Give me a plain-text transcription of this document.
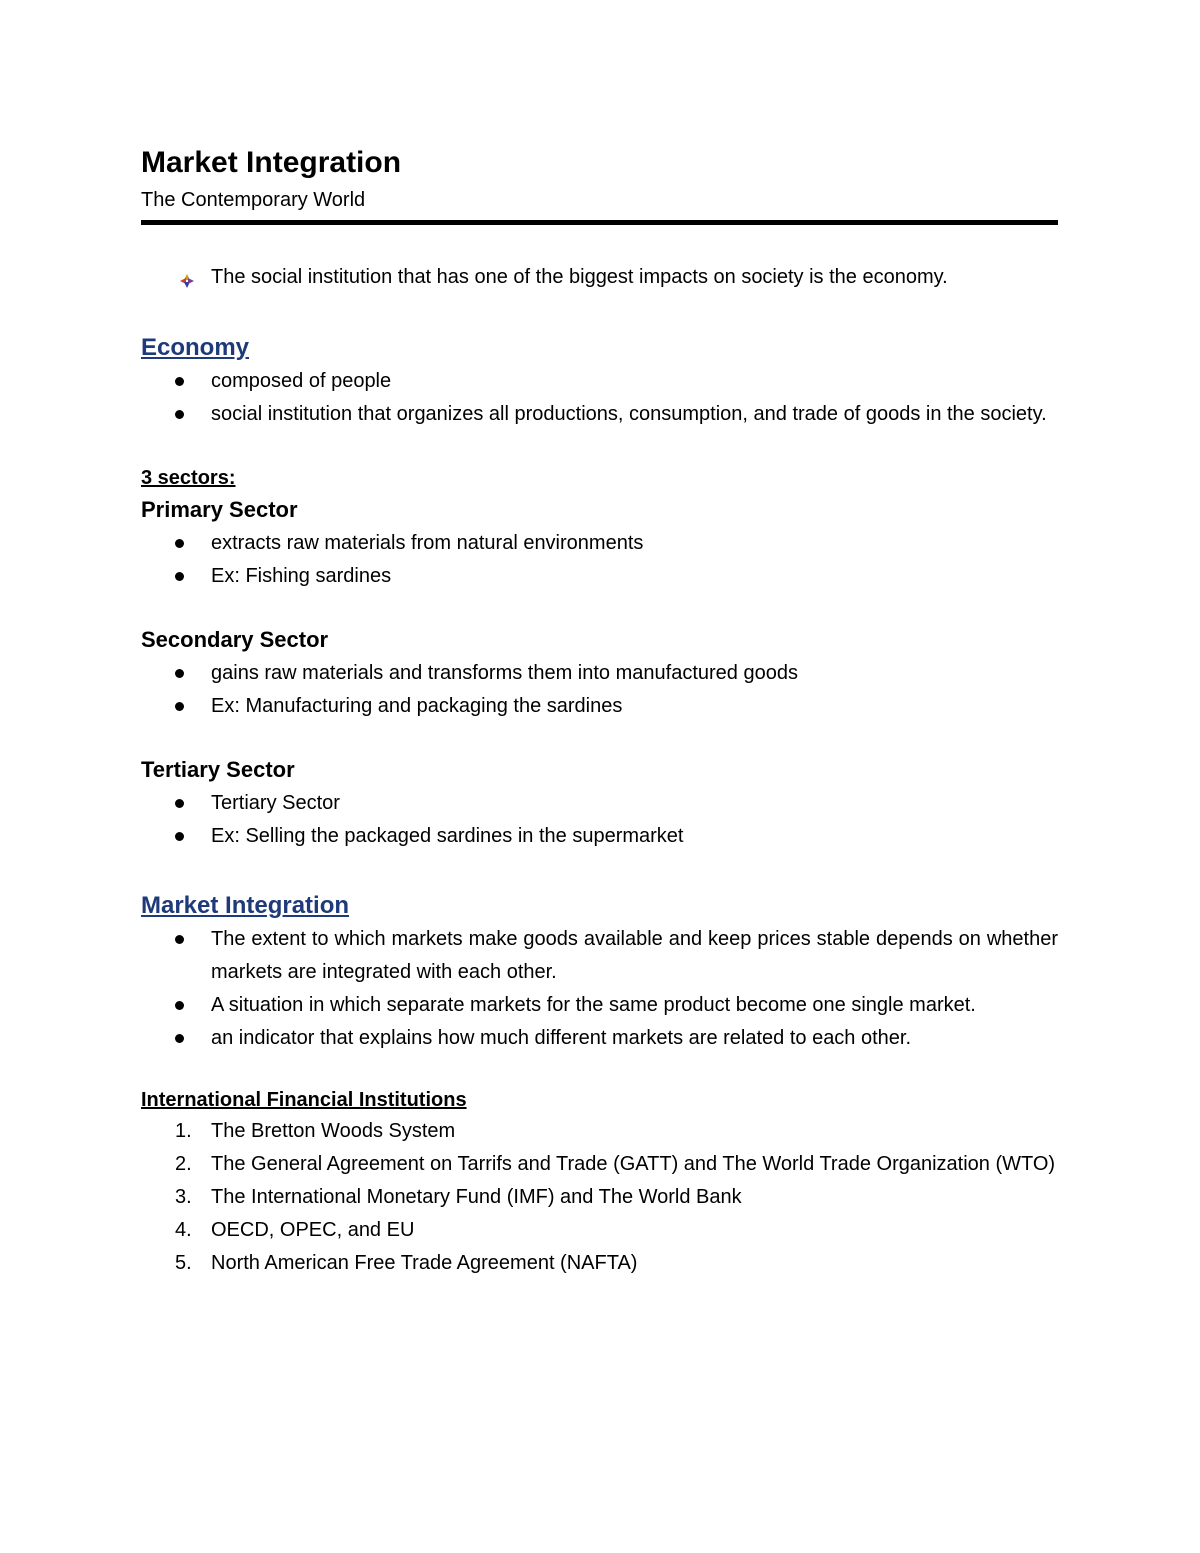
Market Integration

The Contemporary World

The social institution that has one of the biggest impacts on society is the economy.
Economy
composed of people
social institution that organizes all productions, consumption, and trade of goods in the society.

3 sectors:

Primary Sector
extracts raw materials from natural environments
Ex: Fishing sardines
Secondary Sector
gains raw materials and transforms them into manufactured goods
Ex: Manufacturing and packaging the sardines
Tertiary Sector
Tertiary Sector
Ex: Selling the packaged sardines in the supermarket
Market Integration
The extent to which markets make goods available and keep prices stable depends on whether markets are integrated with each other.
A situation in which separate markets for the same product become one single market.
an indicator that explains how much different markets are related to each other.

International Financial Institutions

1. The Bretton Woods System
2. The General Agreement on Tarrifs and Trade (GATT) and The World Trade Organization (WTO)
3. The International Monetary Fund (IMF) and The World Bank
4. OECD, OPEC, and EU
5. North American Free Trade Agreement (NAFTA)
